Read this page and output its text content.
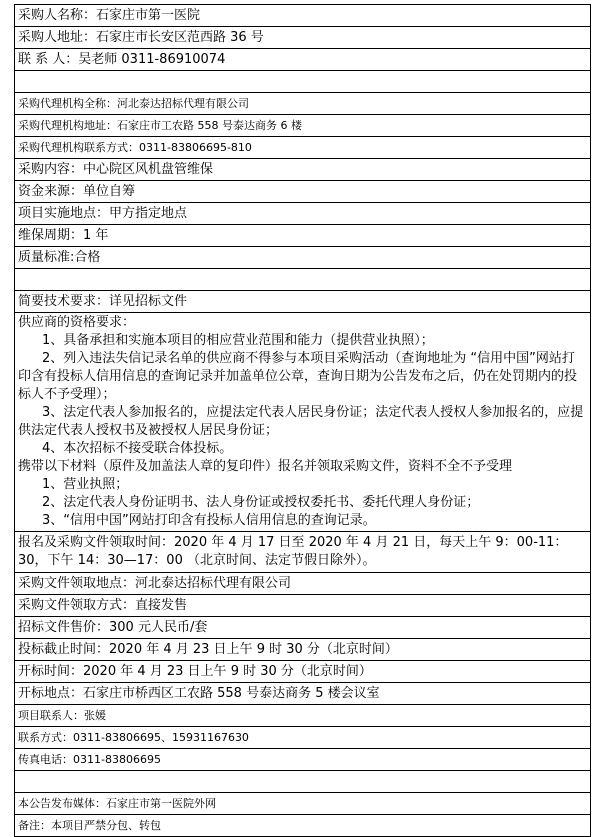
采购人名称：石家庄市第一医院
采购人地址：石家庄市长安区范西路 36 号
联 系 人：吴老师 0311-86910074

采购代理机构全称：河北泰达招标代理有限公司
采购代理机构地址：石家庄市工农路 558 号泰达商务 6 楼
采购代理机构联系方式：0311-83806695-810
采购内容：中心院区风机盘管维保
资金来源：单位自筹
项目实施地点：甲方指定地点
维保周期：1 年
质量标准:合格

简要技术要求：详见招标文件

供应商的资格要求：
1、具备承担和实施本项目的相应营业范围和能力（提供营业执照）；
2、列入违法失信记录名单的供应商不得参与本项目采购活动（查询地址为 “信用中国”网站打印含有投标人信用信息的查询记录并加盖单位公章，查询日期为公告发布之后，仍在处罚期内的投标人不予受理）；
3、法定代表人参加报名的，应提法定代表人居民身份证；法定代表人授权人参加报名的，应提供法定代表人授权书及被授权人居民身份证；
4、本次招标不接受联合体投标。
携带以下材料（原件及加盖法人章的复印件）报名并领取采购文件，资料不全不予受理
1、营业执照；
2、法定代表人身份证明书、法人身份证或授权委托书、委托代理人身份证；
3、“信用中国”网站打印含有投标人信用信息的查询记录。

报名及采购文件领取时间：2020 年 4 月 17 日至 2020 年 4 月 21 日，每天上午 9：00-11：30，下午 14：30—17：00 （北京时间、法定节假日除外）。
采购文件领取地点：河北泰达招标代理有限公司
采购文件领取方式：直接发售
招标文件售价：300 元人民币/套
投标截止时间：2020 年 4 月 23 日上午 9 时 30 分（北京时间）
开标时间：2020 年 4 月 23 日上午 9 时 30 分（北京时间）
开标地点：石家庄市桥西区工农路 558 号泰达商务 5 楼会议室
项目联系人：张媛
联系方式：0311-83806695、15931167630
传真电话：0311-83806695

本公告发布媒体：石家庄市第一医院外网
备注：本项目严禁分包、转包
